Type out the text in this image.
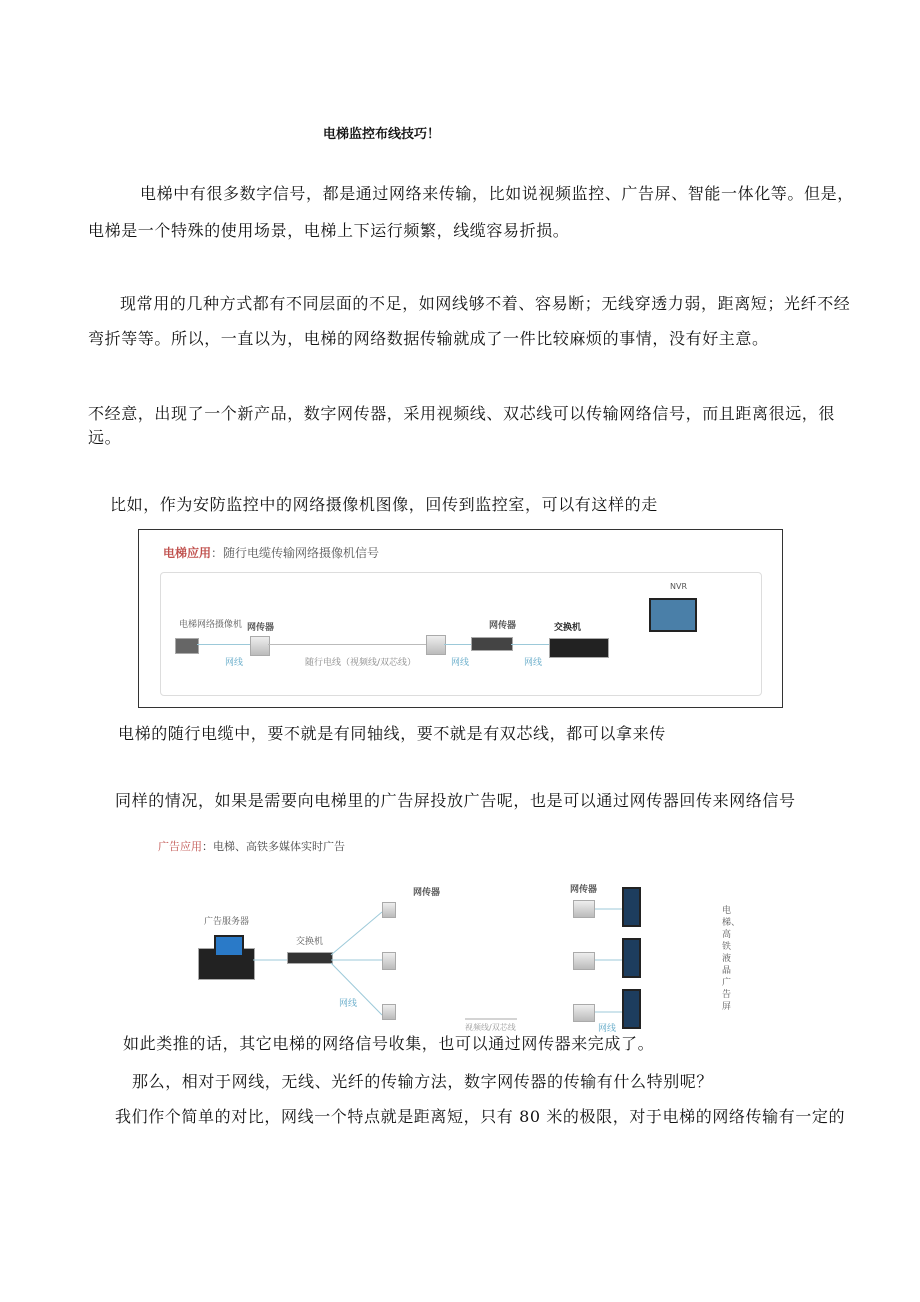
电梯监控布线技巧！
电梯中有很多数字信号，都是通过网络来传输，比如说视频监控、广告屏、智能一体化等。但是，
电梯是一个特殊的使用场景，电梯上下运行频繁，线缆容易折损。
现常用的几种方式都有不同层面的不足，如网线够不着、容易断；无线穿透力弱，距离短；光纤不经
弯折等等。所以，一直以为，电梯的网络数据传输就成了一件比较麻烦的事情，没有好主意。
不经意，出现了一个新产品，数字网传器，采用视频线、双芯线可以传输网络信号，而且距离很远，很
远。
比如，作为安防监控中的网络摄像机图像，回传到监控室，可以有这样的走
电梯应用：随行电缆传输网络摄像机信号
电梯网络摄像机 网传器	网传器	交换机
NVR
网线	随行电线（视频线/双芯线）	网线	网线
电梯的随行电缆中，要不就是有同轴线，要不就是有双芯线，都可以拿来传
同样的情况，如果是需要向电梯里的广告屏投放广告呢，也是可以通过网传器回传来网络信号
广告应用：电梯、高铁多媒体实时广告
广告服务器
交换机
网传器
网线
视频线/双芯线
网传器
网线
电梯、高铁液晶广告屏
如此类推的话，其它电梯的网络信号收集，也可以通过网传器来完成了。
那么，相对于网线，无线、光纤的传输方法，数字网传器的传输有什么特别呢？
我们作个简单的对比，网线一个特点就是距离短，只有 80 米的极限，对于电梯的网络传输有一定的
